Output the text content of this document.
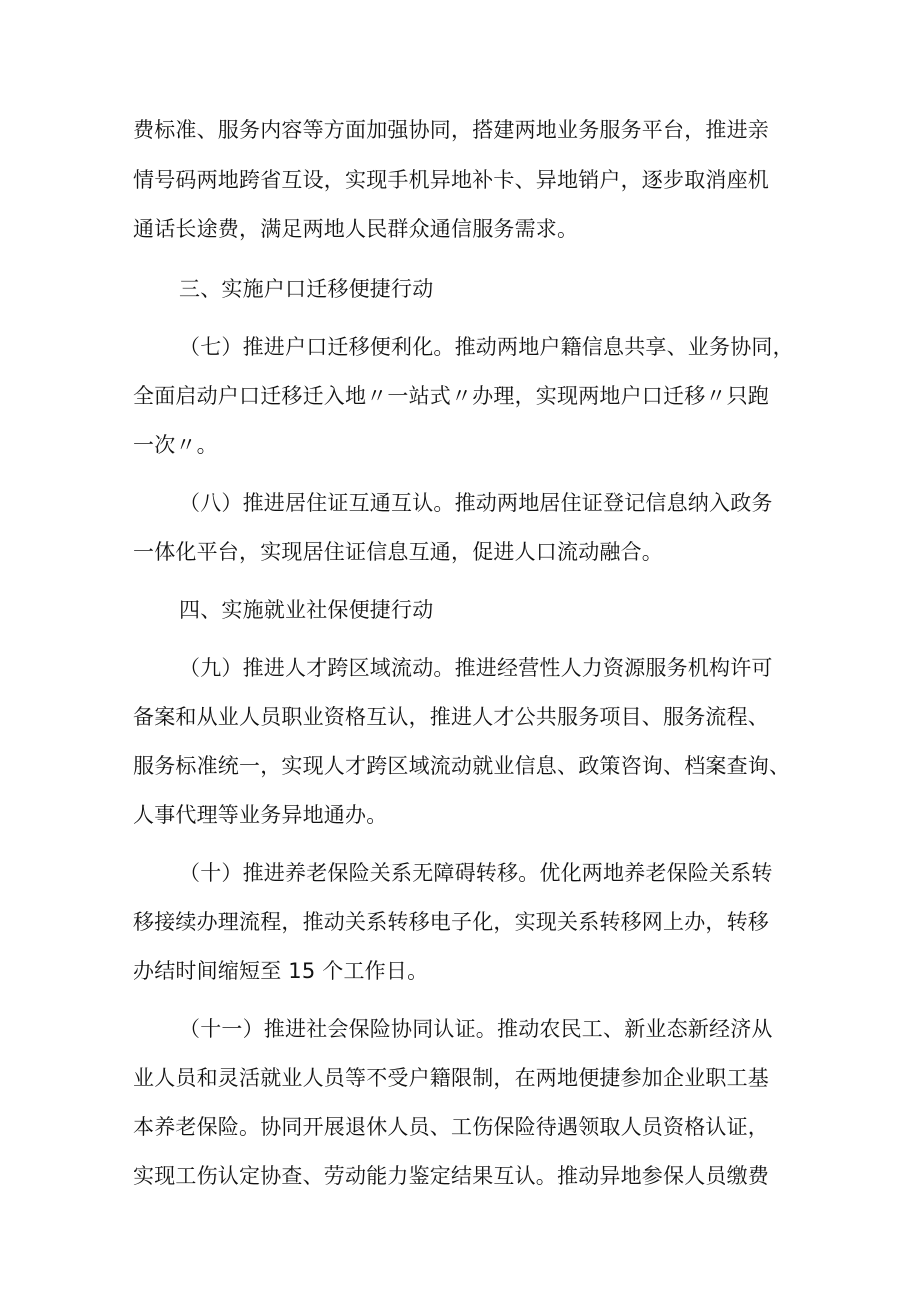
费标准、服务内容等方面加强协同，搭建两地业务服务平台，推进亲
情号码两地跨省互设，实现手机异地补卡、异地销户，逐步取消座机
通话长途费，满足两地人民群众通信服务需求。
三、实施户口迁移便捷行动
（七）推进户口迁移便利化。推动两地户籍信息共享、业务协同，
全面启动户口迁移迁入地〃一站式〃办理，实现两地户口迁移〃只跑
一次〃。
（八）推进居住证互通互认。推动两地居住证登记信息纳入政务
一体化平台，实现居住证信息互通，促进人口流动融合。
四、实施就业社保便捷行动
（九）推进人才跨区域流动。推进经营性人力资源服务机构许可
备案和从业人员职业资格互认，推进人才公共服务项目、服务流程、
服务标准统一，实现人才跨区域流动就业信息、政策咨询、档案查询、
人事代理等业务异地通办。
（十）推进养老保险关系无障碍转移。优化两地养老保险关系转
移接续办理流程，推动关系转移电子化，实现关系转移网上办，转移
办结时间缩短至 15 个工作日。
（十一）推进社会保险协同认证。推动农民工、新业态新经济从
业人员和灵活就业人员等不受户籍限制，在两地便捷参加企业职工基
本养老保险。协同开展退休人员、工伤保险待遇领取人员资格认证，
实现工伤认定协查、劳动能力鉴定结果互认。推动异地参保人员缴费
